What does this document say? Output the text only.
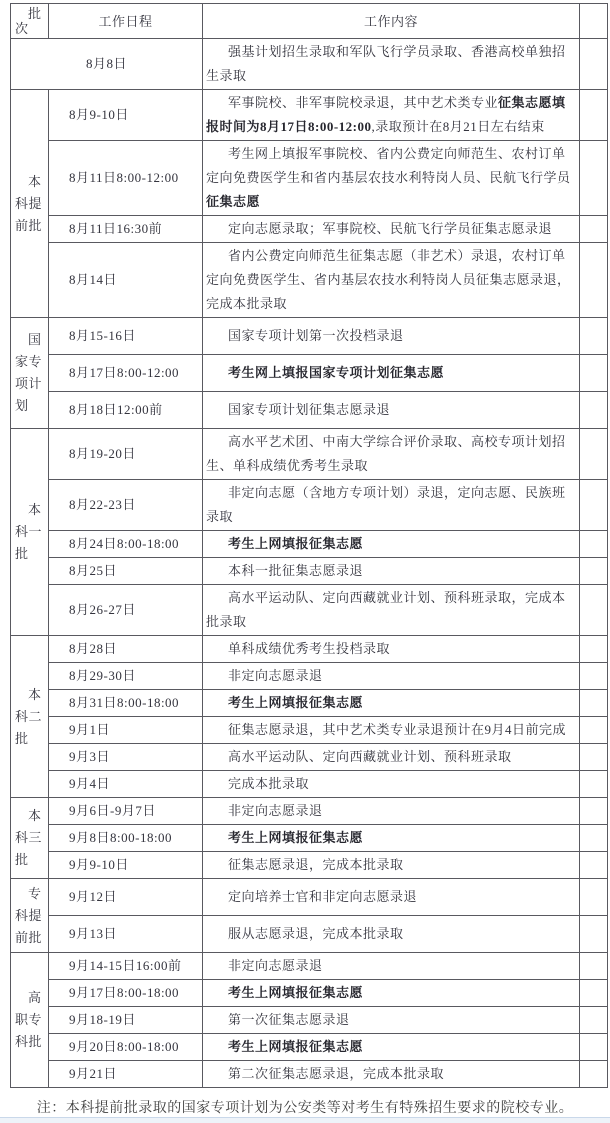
批次	工作日程	工作内容	
8月8日		强基计划招生录取和军队飞行学员录取、香港高校单独招生录取	
本科提前批	8月9-10日	军事院校、非军事院校录退，其中艺术类专业征集志愿填报时间为8月17日8:00-12:00,录取预计在8月21日左右结束	
	8月11日8:00-12:00	考生网上填报军事院校、省内公费定向师范生、农村订单定向免费医学生和省内基层农技水利特岗人员、民航飞行学员征集志愿	
	8月11日16:30前	定向志愿录取；军事院校、民航飞行学员征集志愿录退	
	8月14日	省内公费定向师范生征集志愿（非艺术）录退，农村订单定向免费医学生、省内基层农技水利特岗人员征集志愿录退，完成本批录取	
国家专项计划	8月15-16日	国家专项计划第一次投档录退	
	8月17日8:00-12:00	考生网上填报国家专项计划征集志愿	
	8月18日12:00前	国家专项计划征集志愿录退	
本科一批	8月19-20日	高水平艺术团、中南大学综合评价录取、高校专项计划招生、单科成绩优秀考生录取	
	8月22-23日	非定向志愿（含地方专项计划）录退，定向志愿、民族班录取	
	8月24日8:00-18:00	考生上网填报征集志愿	
	8月25日	本科一批征集志愿录退	
	8月26-27日	高水平运动队、定向西藏就业计划、预科班录取，完成本批录取	
本科二批	8月28日	单科成绩优秀考生投档录取	
	8月29-30日	非定向志愿录退	
	8月31日8:00-18:00	考生上网填报征集志愿	
	9月1日	征集志愿录退，其中艺术类专业录退预计在9月4日前完成	
	9月3日	高水平运动队、定向西藏就业计划、预科班录取	
	9月4日	完成本批录取	
本科三批	9月6日-9月7日	非定向志愿录退	
	9月8日8:00-18:00	考生上网填报征集志愿	
	9月9-10日	征集志愿录退，完成本批录取	
专科提前批	9月12日	定向培养士官和非定向志愿录退	
	9月13日	服从志愿录退，完成本批录取	
高职专科批	9月14-15日16:00前	非定向志愿录退	
	9月17日8:00-18:00	考生上网填报征集志愿	
	9月18-19日	第一次征集志愿录退	
	9月20日8:00-18:00	考生上网填报征集志愿	
	9月21日	第二次征集志愿录退，完成本批录取	
注：本科提前批录取的国家专项计划为公安类等对考生有特殊招生要求的院校专业。
